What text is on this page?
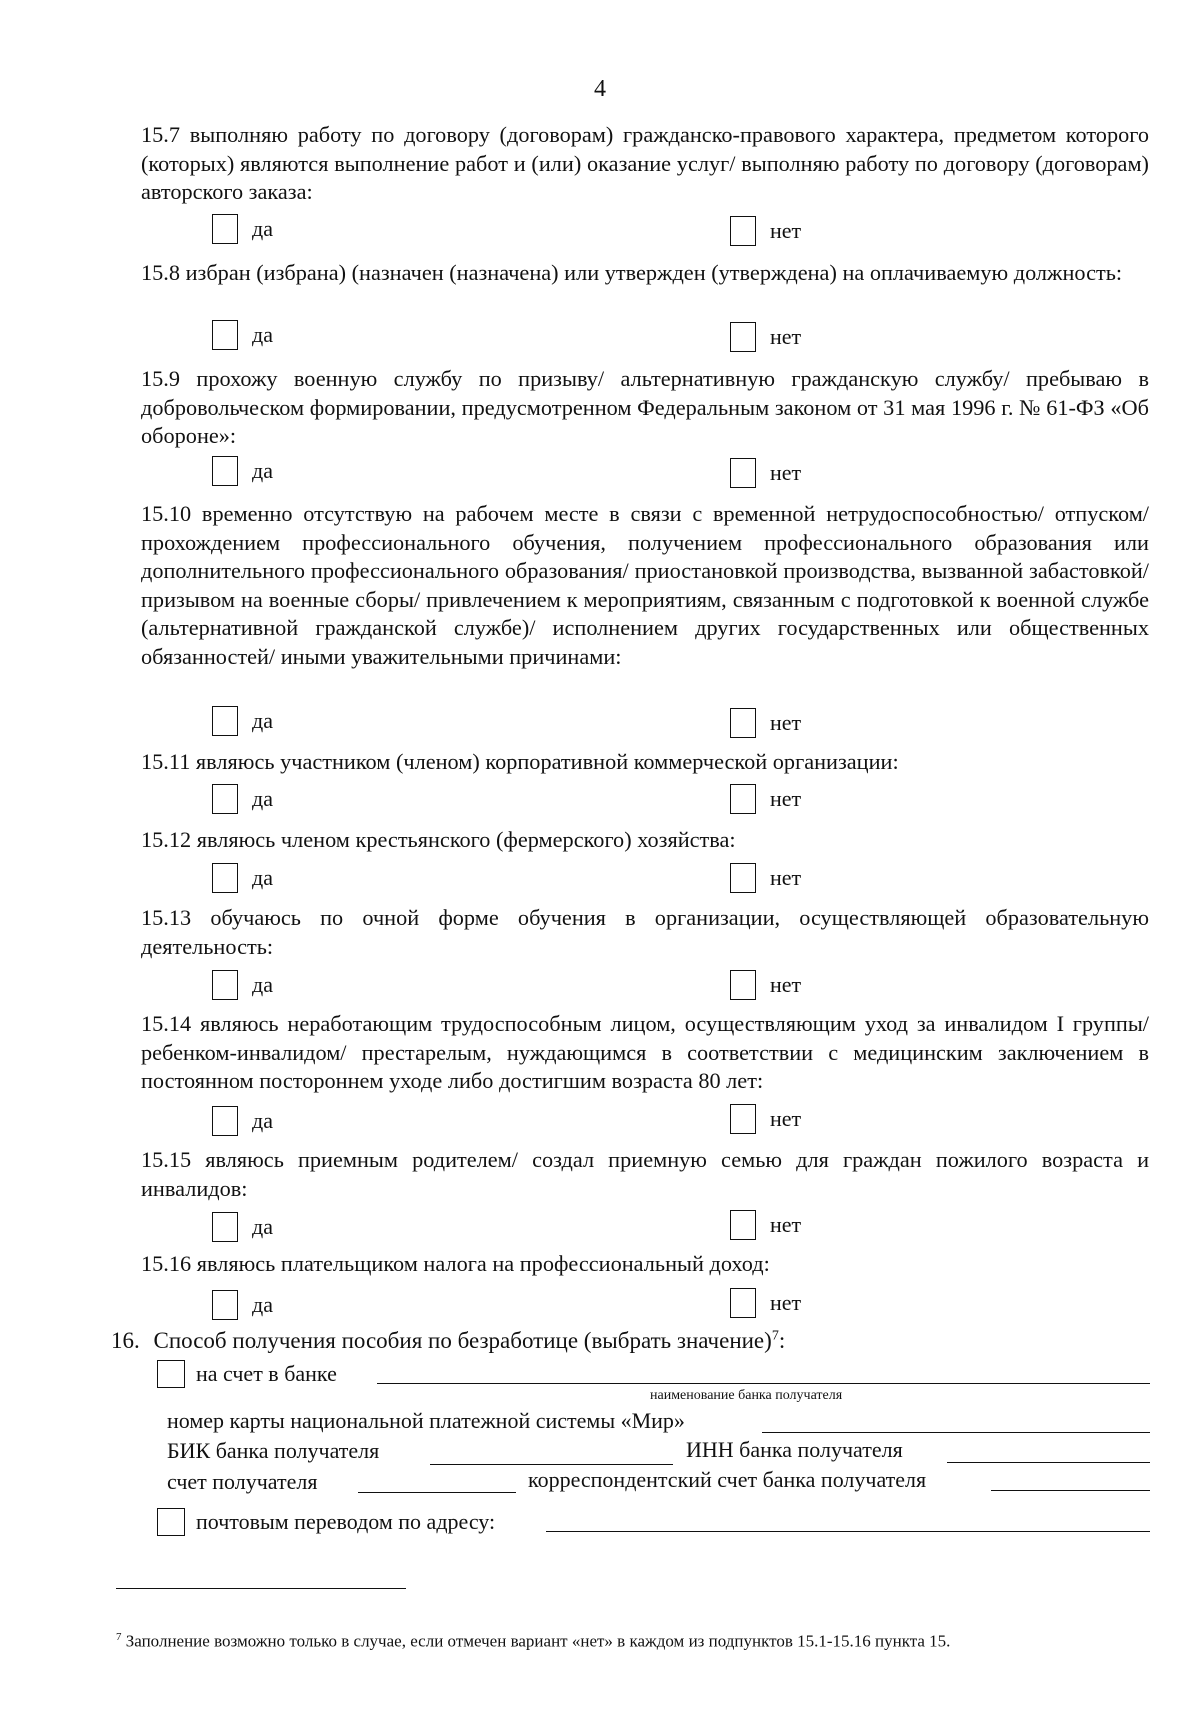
4
15.7 выполняю работу по договору (договорам) гражданско-правового характера, предметом которого (которых) являются выполнение работ и (или) оказание услуг/ выполняю работу по договору (договорам) авторского заказа:
да	нет
15.8 избран (избрана) (назначен (назначена) или утвержден (утверждена) на оплачиваемую должность:
да	нет
15.9 прохожу военную службу по призыву/ альтернативную гражданскую службу/ пребываю в добровольческом формировании, предусмотренном Федеральным законом от 31 мая 1996 г. № 61-ФЗ «Об обороне»:
да	нет
15.10 временно отсутствую на рабочем месте в связи с временной нетрудоспособностью/ отпуском/ прохождением профессионального обучения, получением профессионального образования или дополнительного профессионального образования/ приостановкой производства, вызванной забастовкой/ призывом на военные сборы/ привлечением к мероприятиям, связанным с подготовкой к военной службе (альтернативной гражданской службе)/ исполнением других государственных или общественных обязанностей/ иными уважительными причинами:
да	нет
15.11 являюсь участником (членом) корпоративной коммерческой организации:
да	нет
15.12 являюсь членом крестьянского (фермерского) хозяйства:
да	нет
15.13 обучаюсь по очной форме обучения в организации, осуществляющей образовательную деятельность:
да	нет
15.14 являюсь неработающим трудоспособным лицом, осуществляющим уход за инвалидом I группы/ ребенком-инвалидом/ престарелым, нуждающимся в соответствии с медицинским заключением в постоянном постороннем уходе либо достигшим возраста 80 лет:
да	нет
15.15 являюсь приемным родителем/ создал приемную семью для граждан пожилого возраста и инвалидов:
да	нет
15.16 являюсь плательщиком налога на профессиональный доход:
да	нет
16. Способ получения пособия по безработице (выбрать значение)$^7$:
на счет в банке
наименование банка получателя
номер карты национальной платежной системы «Мир»
БИК банка получателя	ИНН банка получателя
счет получателя	корреспондентский счет банка получателя
почтовым переводом по адресу:
$^7$ Заполнение возможно только в случае, если отмечен вариант «нет» в каждом из подпунктов 15.1-15.16 пункта 15.
